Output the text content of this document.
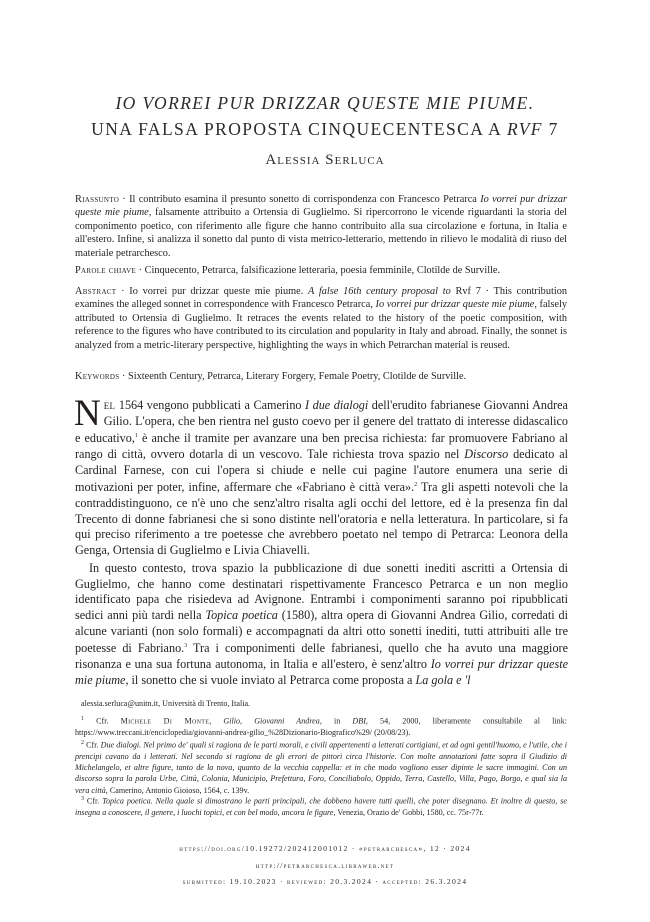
IO VORREI PUR DRIZZAR QUESTE MIE PIUME.
UNA FALSA PROPOSTA CINQUECENTESCA A RVF 7
Alessia Serluca

Riassunto · Il contributo esamina il presunto sonetto di corrispondenza con Francesco Petrarca Io vorrei pur drizzar queste mie piume, falsamente attribuito a Ortensia di Guglielmo. Si ripercorrono le vicende riguardanti la storia del componimento poetico, con riferimento alle figure che hanno contribuito alla sua circolazione e fortuna, in Italia e all'estero. Infine, si analizza il sonetto dal punto di vista metrico-letterario, mettendo in rilievo le modalità di riuso del materiale petrarchesco.

Parole chiave · Cinquecento, Petrarca, falsificazione letteraria, poesia femminile, Clotilde de Surville.

Abstract · Io vorrei pur drizzar queste mie piume. A false 16th century proposal to Rvf 7 · This contribution examines the alleged sonnet in correspondence with Francesco Petrarca, Io vorrei pur drizzar queste mie piume, falsely attributed to Ortensia di Guglielmo. It retraces the events related to the history of the poetic composition, with reference to the figures who have contributed to its circulation and popularity in Italy and abroad. Finally, the sonnet is analyzed from a metric-literary perspective, highlighting the ways in which Petrarchan material is reused.

Keywords · Sixteenth Century, Petrarca, Literary Forgery, Female Poetry, Clotilde de Surville.

Nel 1564 vengono pubblicati a Camerino I due dialogi dell'erudito fabrianese Giovanni Andrea Gilio. L'opera, che ben rientra nel gusto coevo per il genere del trattato di interesse didascalico e educativo,$^1$ è anche il tramite per avanzare una ben precisa richiesta: far promuovere Fabriano al rango di città, ovvero dotarla di un vescovo. Tale richiesta trova spazio nel Discorso dedicato al Cardinal Farnese, con cui l'opera si chiude e nelle cui pagine l'autore enumera una serie di motivazioni per poter, infine, affermare che «Fabriano è città vera».$^2$ Tra gli aspetti notevoli che la contraddistinguono, ce n'è uno che senz'altro risalta agli occhi del lettore, ed è la presenza fin dal Trecento di donne fabrianesi che si sono distinte nell'oratoria e nella letteratura. In particolare, si fa qui preciso riferimento a tre poetesse che avrebbero poetato nel tempo di Petrarca: Leonora della Genga, Ortensia di Guglielmo e Livia Chiavelli.

In questo contesto, trova spazio la pubblicazione di due sonetti inediti ascritti a Ortensia di Guglielmo, che hanno come destinatari rispettivamente Francesco Petrarca e un non meglio identificato papa che risiedeva ad Avignone. Entrambi i componimenti saranno poi ripubblicati sedici anni più tardi nella Topica poetica (1580), altra opera di Giovanni Andrea Gilio, corredati di alcune varianti (non solo formali) e accompagnati da altri otto sonetti inediti, tutti attribuiti alle tre poetesse di Fabriano.$^3$ Tra i componimenti delle fabrianesi, quello che ha avuto una maggiore risonanza e una sua fortuna autonoma, in Italia e all'estero, è senz'altro Io vorrei pur drizzar queste mie piume, il sonetto che si vuole inviato al Petrarca come proposta a La gola e 'l

alessia.serluca@unitn.it, Università di Trento, Italia.

$^1$ Cfr. Michele Di Monte, Gilio, Giovanni Andrea, in DBI, 54, 2000, liberamente consultabile al link: https://www.treccani.it/enciclopedia/giovanni-andrea-gilio_%28Dizionario-Biografico%29/ (20/08/23).

$^2$ Cfr. Due dialogi. Nel primo de' quali si ragiona de le parti morali, e civili appertenenti a letterati cortigiani, et ad ogni gentil'huomo, e l'utile, che i prencipi cavano da i letterati. Nel secondo si ragiona de gli errori de pittori circa l'historie. Con molte annotazioni fatte sopra il Giudizio di Michelangelo, et altre figure, tanto de la nova, quanto de la vecchia cappella: et in che modo vogliono esser dipinte le sacre immagini. Con un discorso sopra la parola Urbe, Città, Colonia, Municipio, Prefettura, Foro, Conciliabolo, Oppido, Terra, Castello, Villa, Pago, Borgo, e qual sia la vera città, Camerino, Antonio Gioioso, 1564, c. 139v.

$^3$ Cfr. Topica poetica. Nella quale si dimostrano le parti principali, che dobbeno havere tutti quelli, che poter disegnano. Et inoltre di questo, se insegna a conoscere, il genere, i luochi topici, et con bel modo, ancora le figure, Venezia, Orazio de' Gobbi, 1580, cc. 75r-77r.

https://doi.org/10.19272/202412001012 · «petrarchesca», 12 · 2024
http://petrarchesca.libraweb.net
submitted: 19.10.2023 · reviewed: 20.3.2024 · accepted: 26.3.2024
